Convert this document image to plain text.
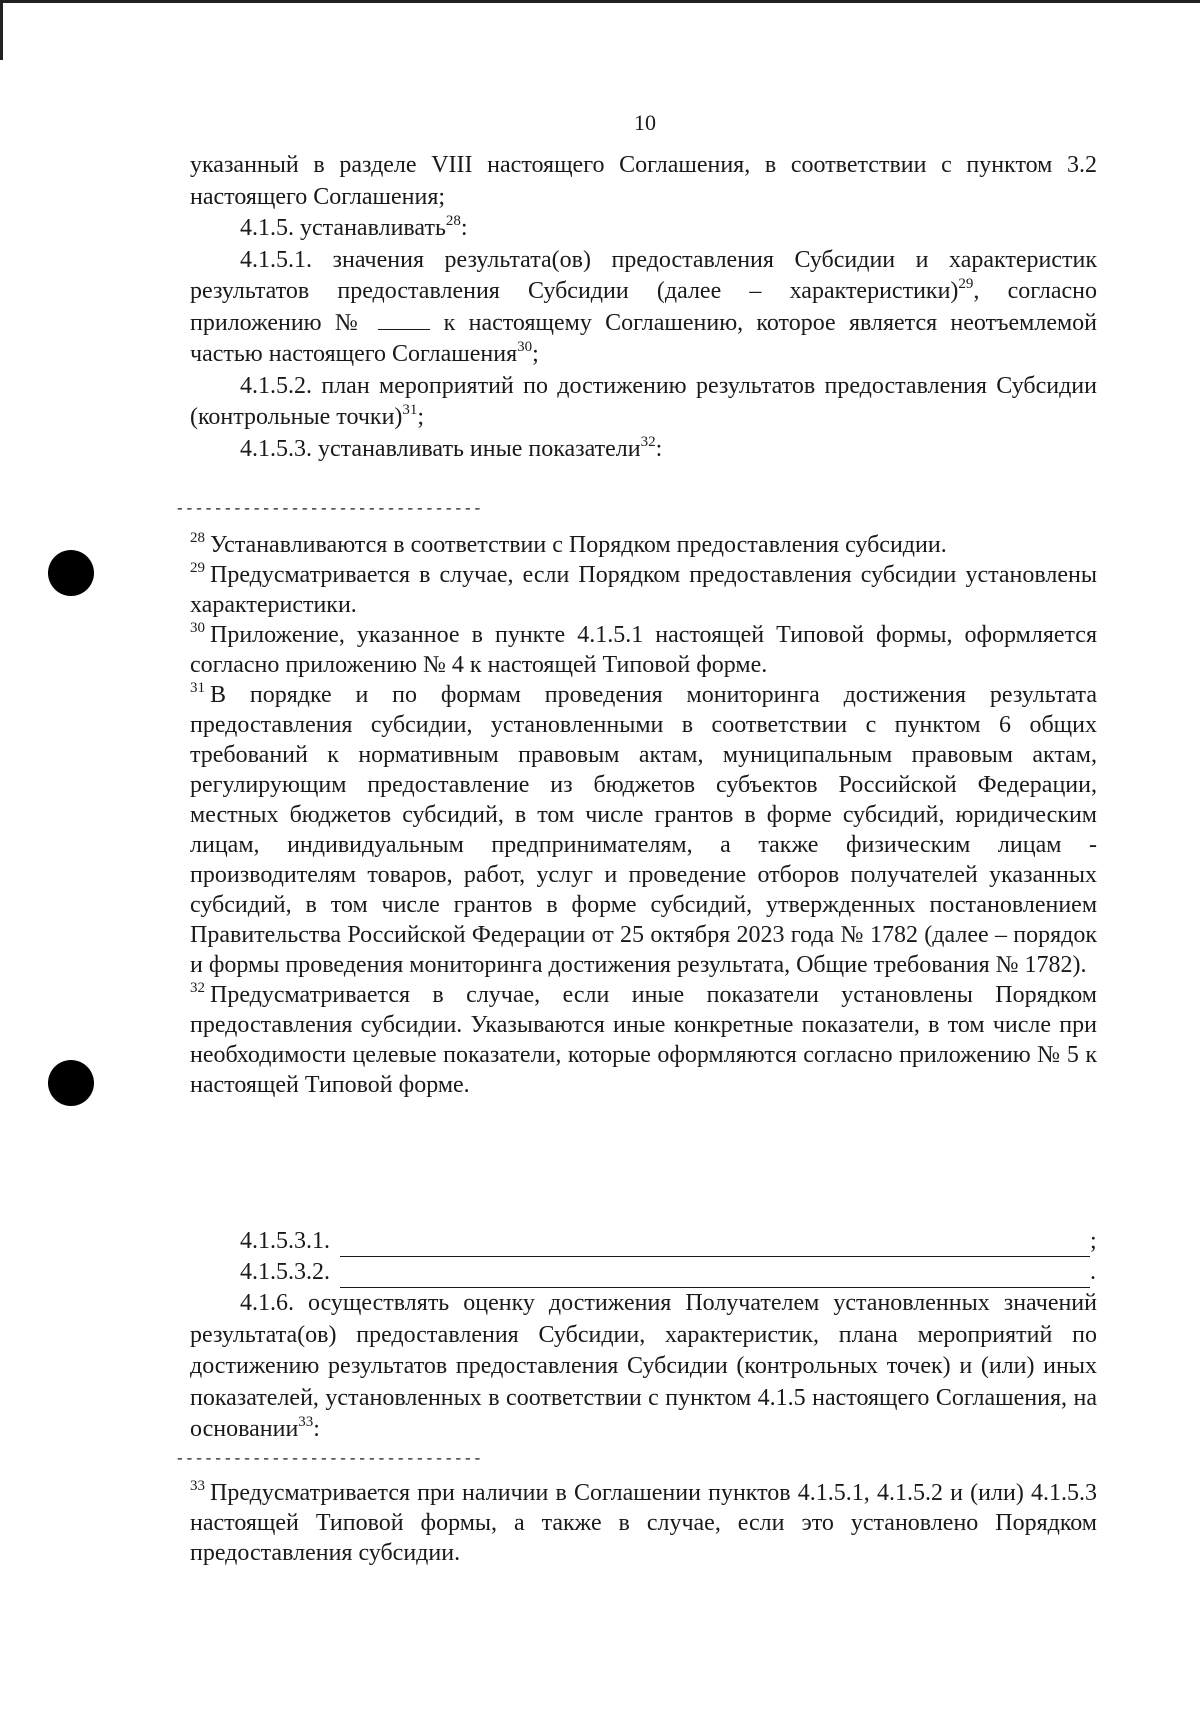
10

указанный в разделе VIII настоящего Соглашения, в соответствии с пунктом 3.2 настоящего Соглашения;

4.1.5. устанавливать$^{28}$:

4.1.5.1. значения результата(ов) предоставления Субсидии и характеристик результатов предоставления Субсидии (далее – характеристики)$^{29}$, согласно приложению №	к настоящему Соглашению, которое является неотъемлемой частью настоящего Соглашения$^{30}$;

4.1.5.2. план мероприятий по достижению результатов предоставления Субсидии (контрольные точки)$^{31}$;

4.1.5.3. устанавливать иные показатели$^{32}$:

--------------------------------

$^{28}$ Устанавливаются в соответствии с Порядком предоставления субсидии.

$^{29}$ Предусматривается в случае, если Порядком предоставления субсидии установлены характеристики.

$^{30}$ Приложение, указанное в пункте 4.1.5.1 настоящей Типовой формы, оформляется согласно приложению № 4 к настоящей Типовой форме.

$^{31}$ В порядке и по формам проведения мониторинга достижения результата предоставления субсидии, установленными в соответствии с пунктом 6 общих требований к нормативным правовым актам, муниципальным правовым актам, регулирующим предоставление из бюджетов субъектов Российской Федерации, местных бюджетов субсидий, в том числе грантов в форме субсидий, юридическим лицам, индивидуальным предпринимателям, а также физическим лицам - производителям товаров, работ, услуг и проведение отборов получателей указанных субсидий, в том числе грантов в форме субсидий, утвержденных постановлением Правительства Российской Федерации от 25 октября 2023 года № 1782 (далее – порядок и формы проведения мониторинга достижения результата, Общие требования № 1782).

$^{32}$ Предусматривается в случае, если иные показатели установлены Порядком предоставления субсидии. Указываются иные конкретные показатели, в том числе при необходимости целевые показатели, которые оформляются согласно приложению № 5 к настоящей Типовой форме.

4.1.5.3.1.	;
4.1.5.3.2.	.

4.1.6. осуществлять оценку достижения Получателем установленных значений результата(ов) предоставления Субсидии, характеристик, плана мероприятий по достижению результатов предоставления Субсидии (контрольных точек) и (или) иных показателей, установленных в соответствии с пунктом 4.1.5 настоящего Соглашения, на основании$^{33}$:

--------------------------------

$^{33}$ Предусматривается при наличии в Соглашении пунктов 4.1.5.1, 4.1.5.2 и (или) 4.1.5.3 настоящей Типовой формы, а также в случае, если это установлено Порядком предоставления субсидии.
